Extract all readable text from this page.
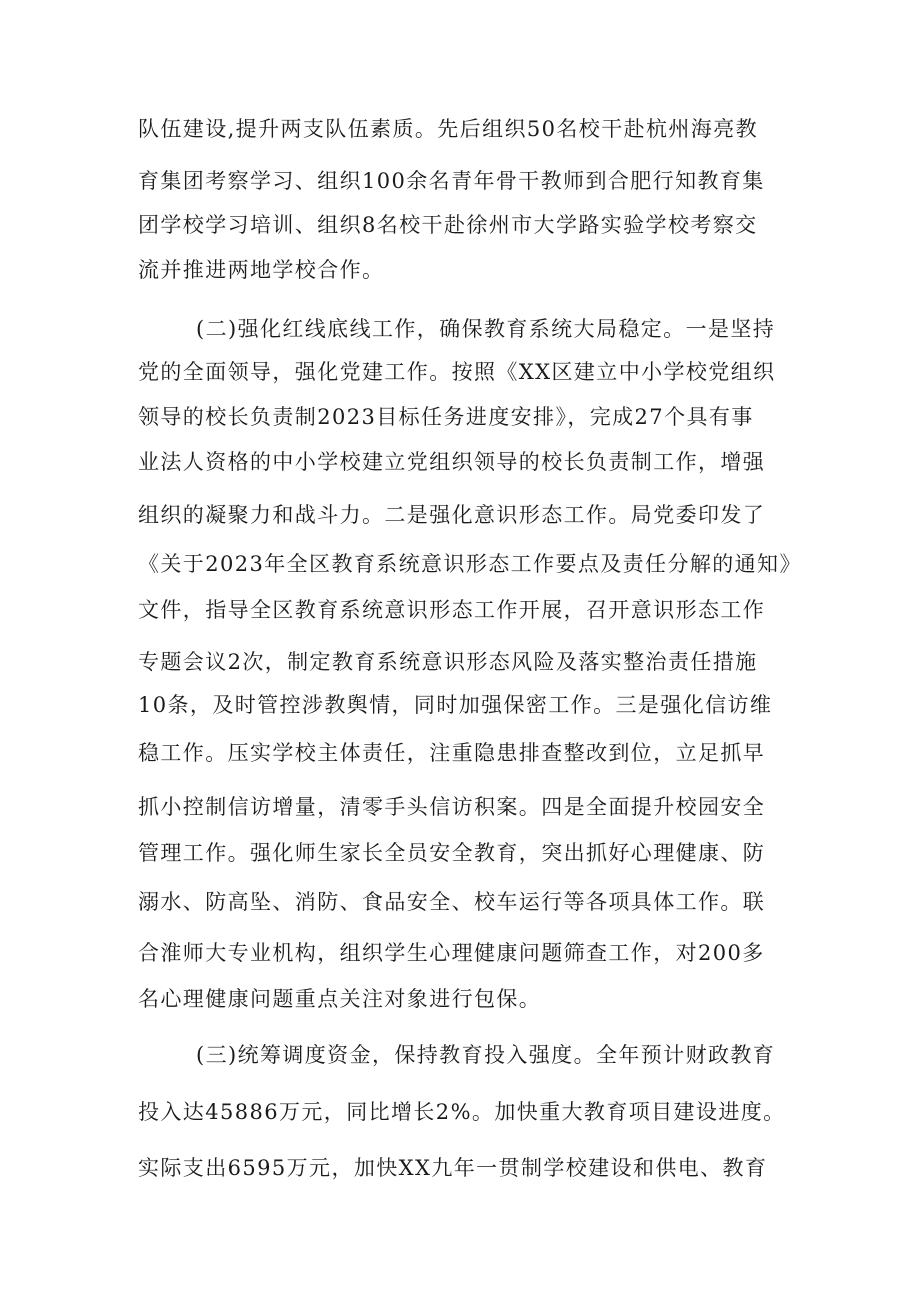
队伍建设,提升两支队伍素质。先后组织50名校干赴杭州海亮教
育集团考察学习、组织100余名青年骨干教师到合肥行知教育集
团学校学习培训、组织8名校干赴徐州市大学路实验学校考察交
流并推进两地学校合作。
(二)强化红线底线工作，确保教育系统大局稳定。一是坚持
党的全面领导，强化党建工作。按照《XX区建立中小学校党组织
领导的校长负责制2023目标任务进度安排》，完成27个具有事
业法人资格的中小学校建立党组织领导的校长负责制工作，增强
组织的凝聚力和战斗力。二是强化意识形态工作。局党委印发了
《关于2023年全区教育系统意识形态工作要点及责任分解的通知》
文件，指导全区教育系统意识形态工作开展，召开意识形态工作
专题会议2次，制定教育系统意识形态风险及落实整治责任措施
10条，及时管控涉教舆情，同时加强保密工作。三是强化信访维
稳工作。压实学校主体责任，注重隐患排查整改到位，立足抓早
抓小控制信访增量，清零手头信访积案。四是全面提升校园安全
管理工作。强化师生家长全员安全教育，突出抓好心理健康、防
溺水、防高坠、消防、食品安全、校车运行等各项具体工作。联
合淮师大专业机构，组织学生心理健康问题筛查工作，对200多
名心理健康问题重点关注对象进行包保。
(三)统筹调度资金，保持教育投入强度。全年预计财政教育
投入达45886万元，同比增长2%。加快重大教育项目建设进度。
实际支出6595万元，加快XX九年一贯制学校建设和供电、教育
